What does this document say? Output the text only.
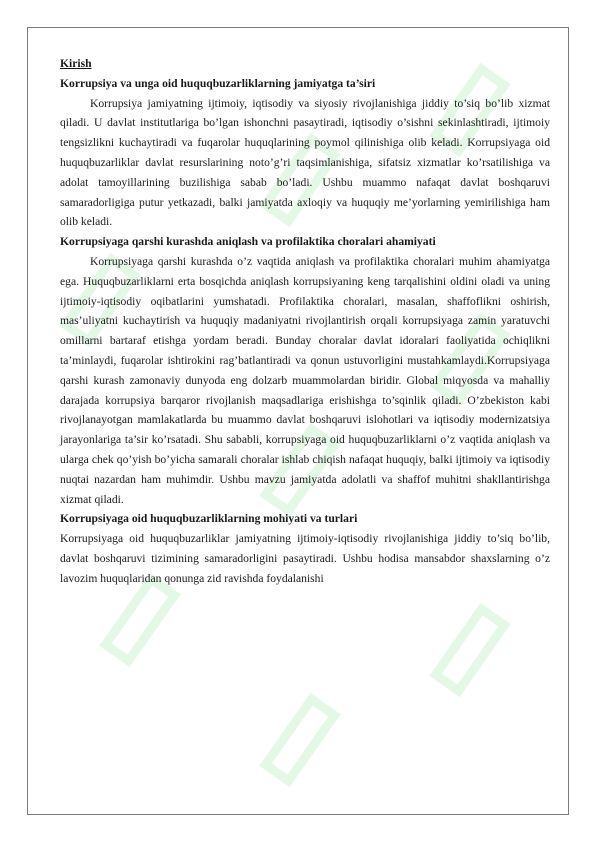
Kirish

Korrupsiya va unga oid huquqbuzarliklarning jamiyatga ta’siri

Korrupsiya jamiyatning ijtimoiy, iqtisodiy va siyosiy rivojlanishiga jiddiy to’siq bo’lib xizmat qiladi. U davlat institutlariga bo’lgan ishonchni pasaytiradi, iqtisodiy o’sishni sekinlashtiradi, ijtimoiy tengsizlikni kuchaytiradi va fuqarolar huquqlarining poymol qilinishiga olib keladi. Korrupsiyaga oid huquqbuzarliklar davlat resurslarining noto’g’ri taqsimlanishiga, sifatsiz xizmatlar ko’rsatilishiga va adolat tamoyillarining buzilishiga sabab bo’ladi. Ushbu muammo nafaqat davlat boshqaruvi samaradorligiga putur yetkazadi, balki jamiyatda axloqiy va huquqiy me’yorlarning yemirilishiga ham olib keladi.

Korrupsiyaga qarshi kurashda aniqlash va profilaktika choralari ahamiyati

Korrupsiyaga qarshi kurashda o’z vaqtida aniqlash va profilaktika choralari muhim ahamiyatga ega. Huquqbuzarliklarni erta bosqichda aniqlash korrupsiyaning keng tarqalishini oldini oladi va uning ijtimoiy-iqtisodiy oqibatlarini yumshatadi. Profilaktika choralari, masalan, shaffoflikni oshirish, mas’uliyatni kuchaytirish va huquqiy madaniyatni rivojlantirish orqali korrupsiyaga zamin yaratuvchi omillarni bartaraf etishga yordam beradi. Bunday choralar davlat idoralari faoliyatida ochiqlikni ta’minlaydi, fuqarolar ishtirokini rag’batlantiradi va qonun ustuvorligini mustahkamlaydi.Korrupsiyaga qarshi kurash zamonaviy dunyoda eng dolzarb muammolardan biridir. Global miqyosda va mahalliy darajada korrupsiya barqaror rivojlanish maqsadlariga erishishga to’sqinlik qiladi. O’zbekiston kabi rivojlanayotgan mamlakatlarda bu muammo davlat boshqaruvi islohotlari va iqtisodiy modernizatsiya jarayonlariga ta’sir ko’rsatadi. Shu sababli, korrupsiyaga oid huquqbuzarliklarni o’z vaqtida aniqlash va ularga chek qo’yish bo’yicha samarali choralar ishlab chiqish nafaqat huquqiy, balki ijtimoiy va iqtisodiy nuqtai nazardan ham muhimdir. Ushbu mavzu jamiyatda adolatli va shaffof muhitni shakllantirishga xizmat qiladi.

Korrupsiyaga oid huquqbuzarliklarning mohiyati va turlari

Korrupsiyaga oid huquqbuzarliklar jamiyatning ijtimoiy-iqtisodiy rivojlanishiga jiddiy to’siq bo’lib, davlat boshqaruvi tizimining samaradorligini pasaytiradi. Ushbu hodisa mansabdor shaxslarning o’z lavozim huquqlaridan qonunga zid ravishda foydalanishi
